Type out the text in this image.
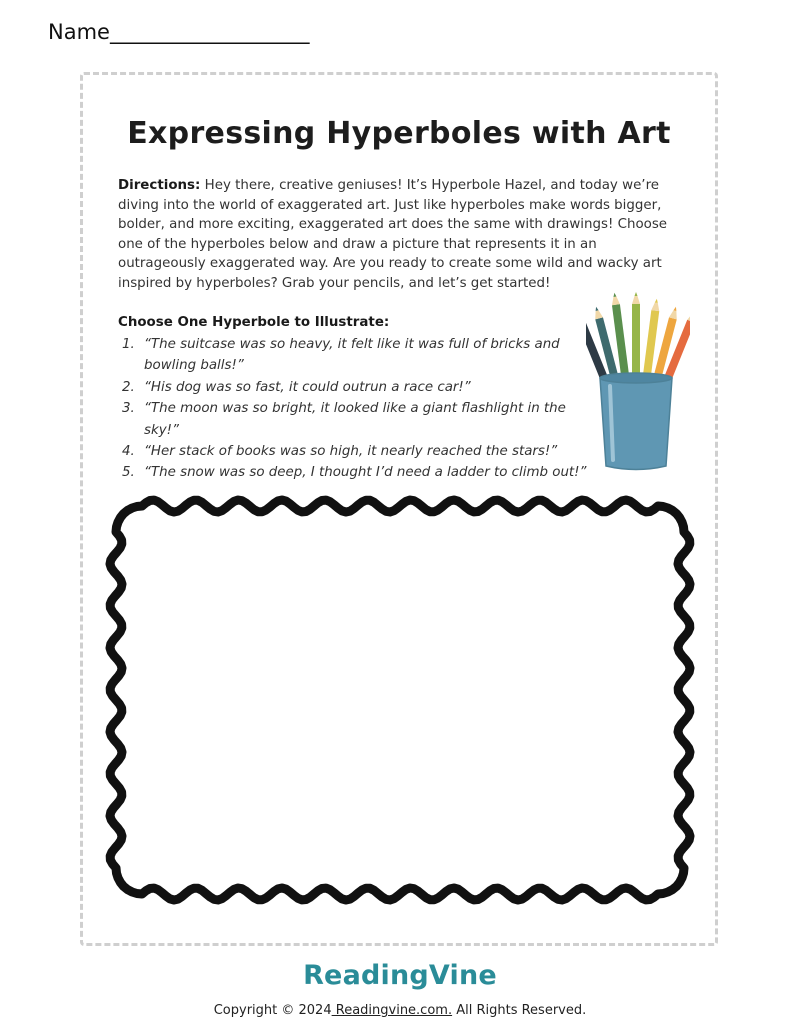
Name___________________
Expressing Hyperboles with Art
Directions: Hey there, creative geniuses! It’s Hyperbole Hazel, and today we’re diving into the world of exaggerated art. Just like hyperboles make words bigger, bolder, and more exciting, exaggerated art does the same with drawings! Choose one of the hyperboles below and draw a picture that represents it in an outrageously exaggerated way. Are you ready to create some wild and wacky art inspired by hyperboles? Grab your pencils, and let’s get started!
Choose One Hyperbole to Illustrate:
1. “The suitcase was so heavy, it felt like it was full of bricks and bowling balls!”
2. “His dog was so fast, it could outrun a race car!”
3. “The moon was so bright, it looked like a giant flashlight in the sky!”
4. “Her stack of books was so high, it nearly reached the stars!”
5. “The snow was so deep, I thought I’d need a ladder to climb out!”
ReadingVine
Copyright © 2024 Readingvine.com. All Rights Reserved.
